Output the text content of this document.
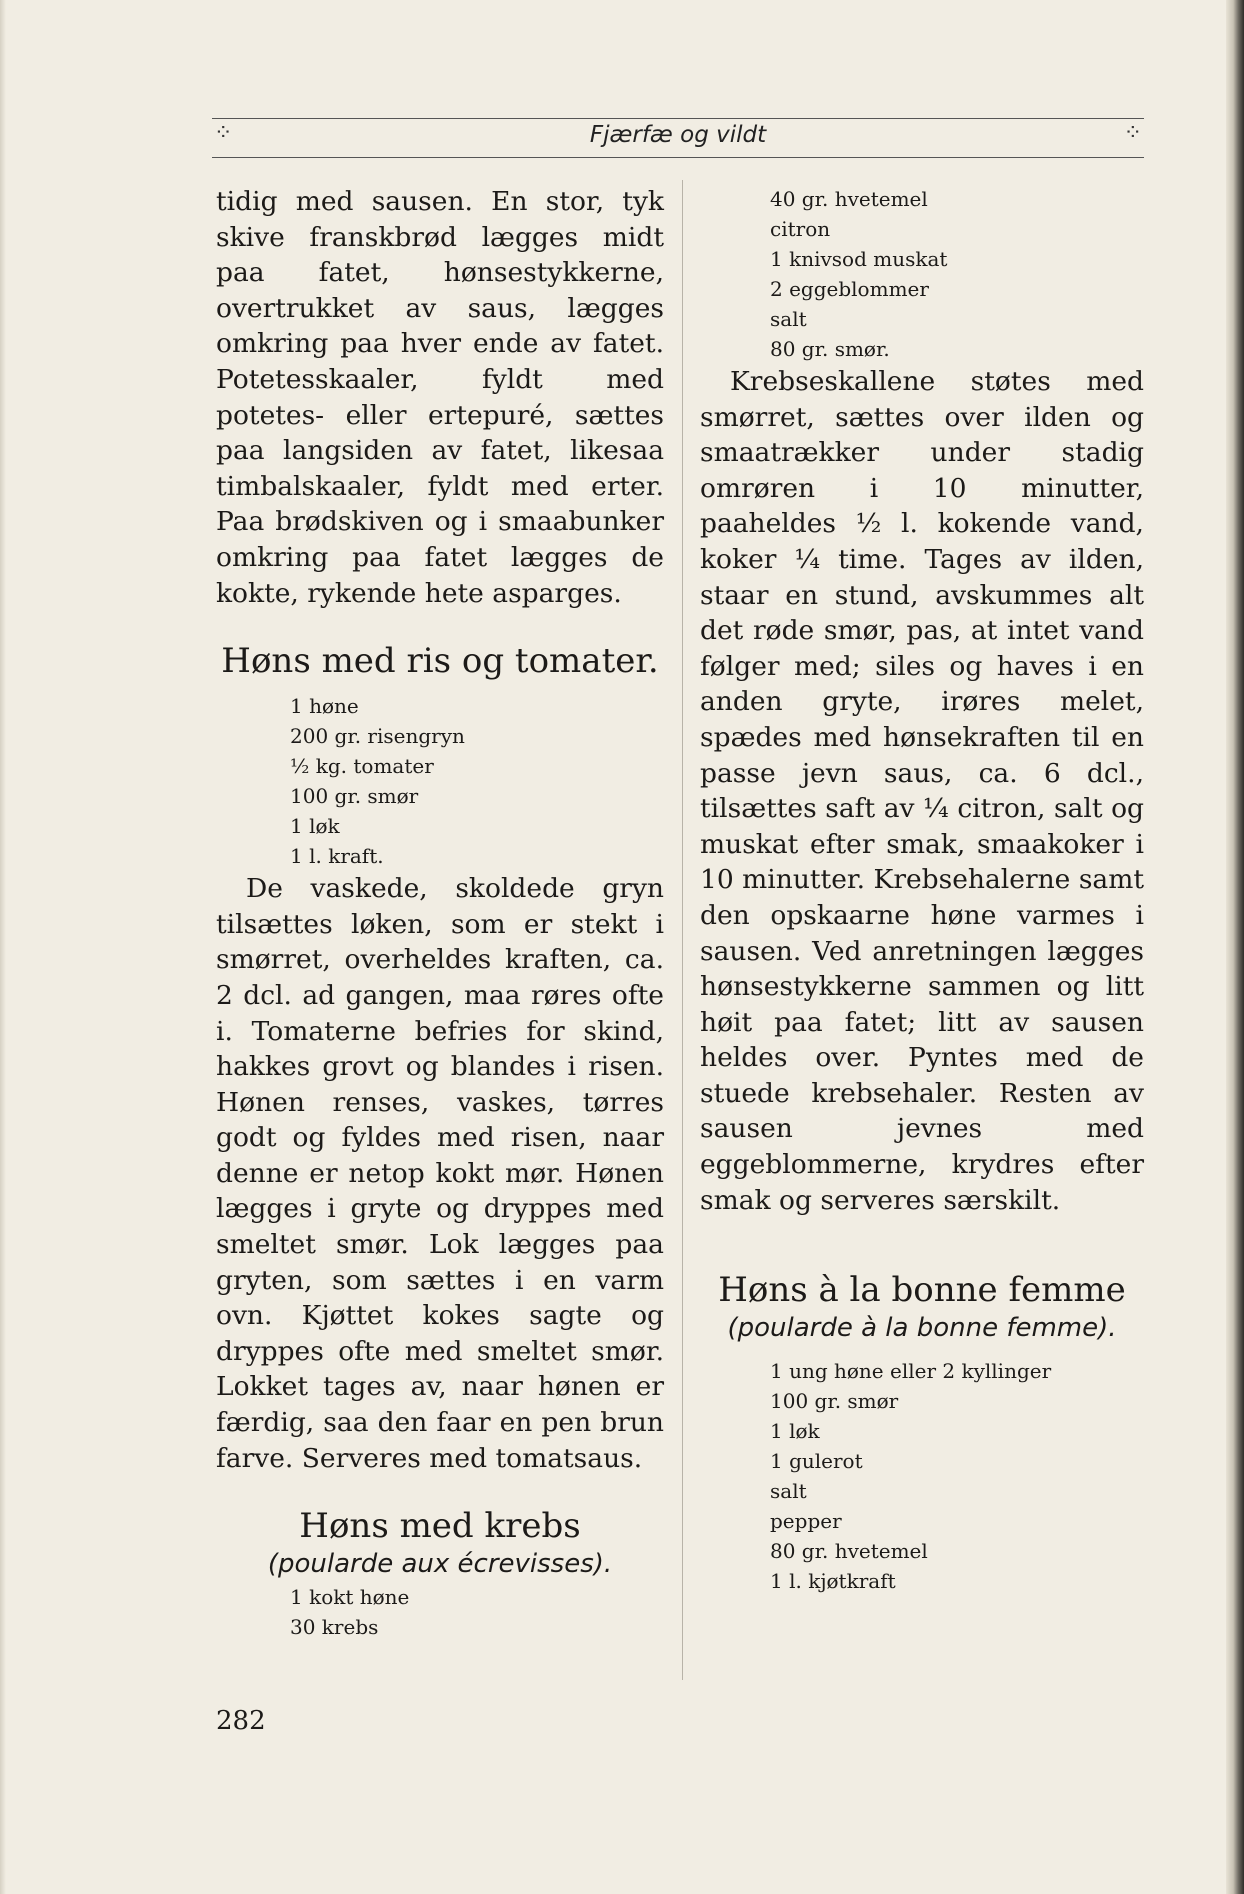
⁘	Fjærfæ og vildt	⁘

tidig med sausen. En stor, tyk skive franskbrød lægges midt paa fatet, hønsestykkerne, overtrukket av saus, lægges omkring paa hver ende av fatet. Potetesskaaler, fyldt med potetes- eller ertepuré, sættes paa langsiden av fatet, likesaa timbalskaaler, fyldt med erter. Paa brødskiven og i smaabunker omkring paa fatet lægges de kokte, rykende hete asparges.

Høns med ris og tomater.
1 høne
200 gr. risengryn
½ kg. tomater
100 gr. smør
1 løk
1 l. kraft.

De vaskede, skoldede gryn tilsættes løken, som er stekt i smørret, overheldes kraften, ca. 2 dcl. ad gangen, maa røres ofte i. Tomaterne befries for skind, hakkes grovt og blandes i risen. Hønen renses, vaskes, tørres godt og fyldes med risen, naar denne er netop kokt mør. Hønen lægges i gryte og dryppes med smeltet smør. Lok lægges paa gryten, som sættes i en varm ovn. Kjøttet kokes sagte og dryppes ofte med smeltet smør. Lokket tages av, naar hønen er færdig, saa den faar en pen brun farve. Serveres med tomatsaus.

Høns med krebs

(poularde aux écrevisses).

1 kokt høne
30 krebs
40 gr. hvetemel
citron
1 knivsod muskat
2 eggeblommer
salt
80 gr. smør.

Krebseskallene støtes med smørret, sættes over ilden og smaatrækker under stadig omrøren i 10 minutter, paaheldes ½ l. kokende vand, koker ¼ time. Tages av ilden, staar en stund, avskummes alt det røde smør, pas, at intet vand følger med; siles og haves i en anden gryte, irøres melet, spædes med hønsekraften til en passe jevn saus, ca. 6 dcl., tilsættes saft av ¼ citron, salt og muskat efter smak, smaakoker i 10 minutter. Krebsehalerne samt den opskaarne høne varmes i sausen. Ved anretningen lægges hønsestykkerne sammen og litt høit paa fatet; litt av sausen heldes over. Pyntes med de stuede krebsehaler. Resten av sausen jevnes med eggeblommerne, krydres efter smak og serveres særskilt.

Høns à la bonne femme

(poularde à la bonne femme).

1 ung høne eller 2 kyllinger
100 gr. smør
1 løk
1 gulerot
salt
pepper
80 gr. hvetemel
1 l. kjøtkraft
282
